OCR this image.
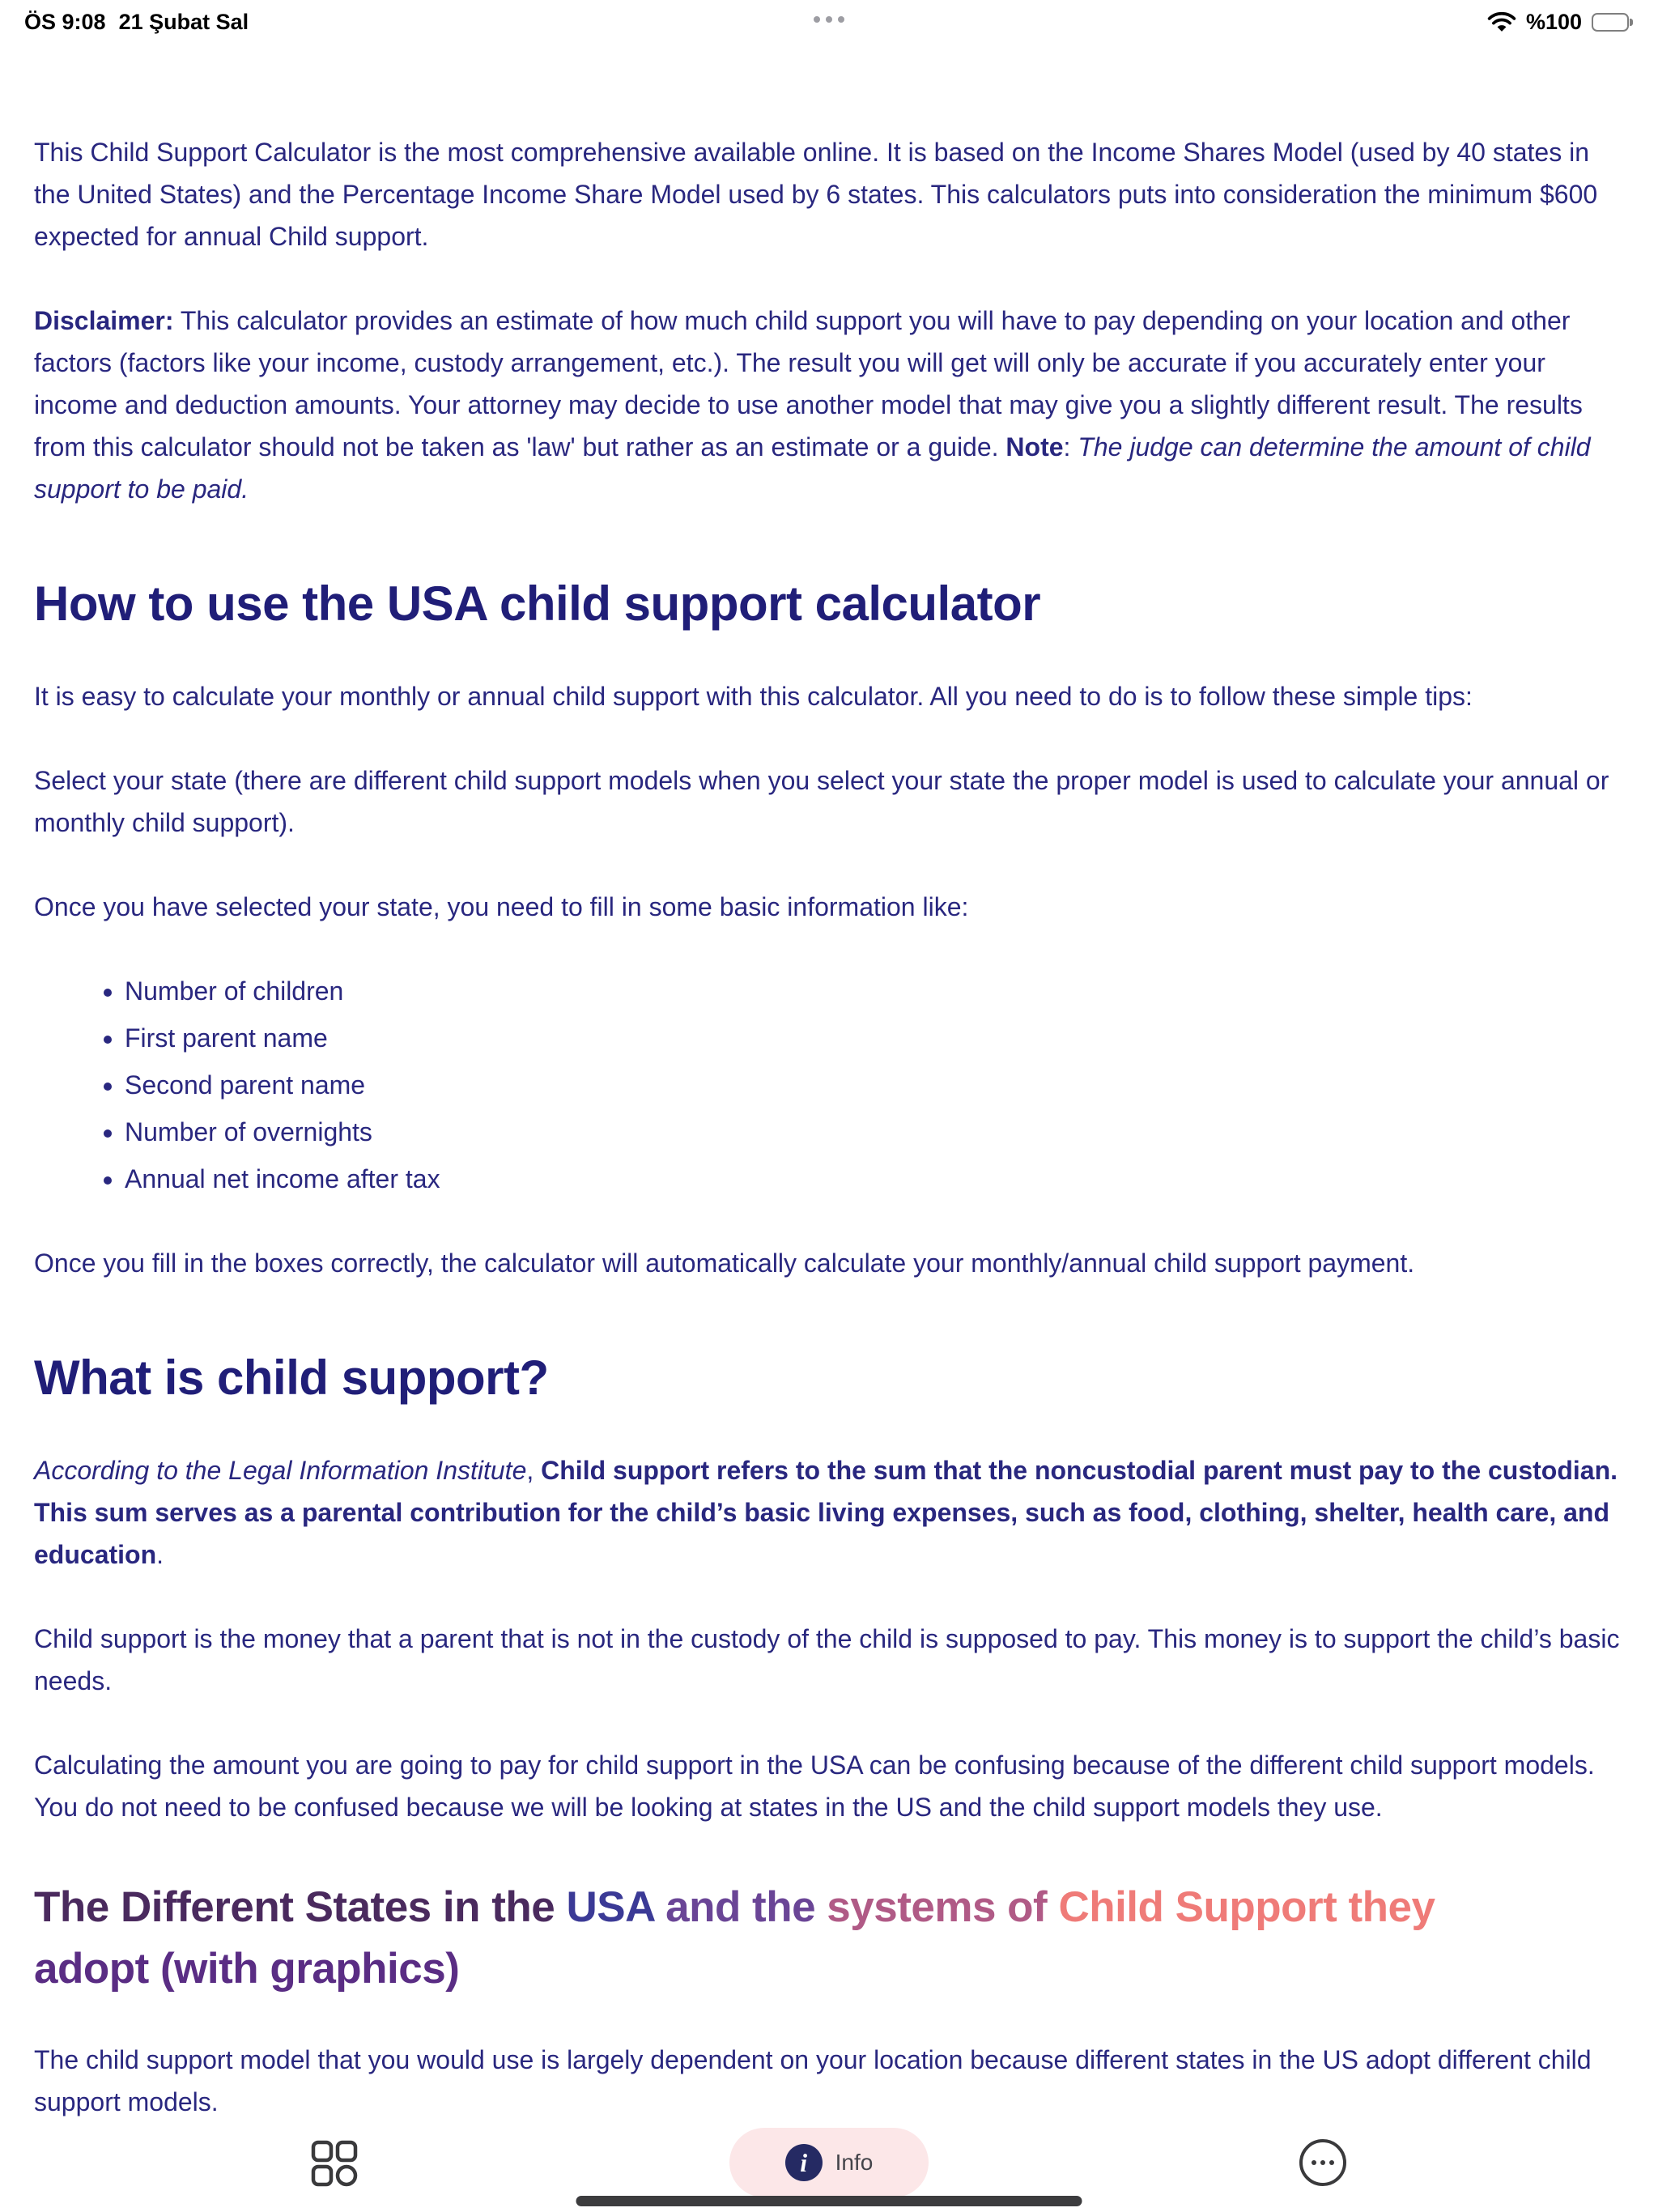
ÖS 9:08 21 Şubat Sal	%100

This Child Support Calculator is the most comprehensive available online. It is based on the Income Shares Model (used by 40 states in the United States) and the Percentage Income Share Model used by 6 states. This calculators puts into consideration the minimum $600 expected for annual Child support.

Disclaimer: This calculator provides an estimate of how much child support you will have to pay depending on your location and other factors (factors like your income, custody arrangement, etc.). The result you will get will only be accurate if you accurately enter your income and deduction amounts. Your attorney may decide to use another model that may give you a slightly different result. The results from this calculator should not be taken as 'law' but rather as an estimate or a guide. Note: The judge can determine the amount of child support to be paid.

How to use the USA child support calculator

It is easy to calculate your monthly or annual child support with this calculator. All you need to do is to follow these simple tips:

Select your state (there are different child support models when you select your state the proper model is used to calculate your annual or monthly child support).

Once you have selected your state, you need to fill in some basic information like:

• Number of children
• First parent name
• Second parent name
• Number of overnights
• Annual net income after tax

Once you fill in the boxes correctly, the calculator will automatically calculate your monthly/annual child support payment.

What is child support?

According to the Legal Information Institute, Child support refers to the sum that the noncustodial parent must pay to the custodian. This sum serves as a parental contribution for the child’s basic living expenses, such as food, clothing, shelter, health care, and education.

Child support is the money that a parent that is not in the custody of the child is supposed to pay. This money is to support the child’s basic needs.

Calculating the amount you are going to pay for child support in the USA can be confusing because of the different child support models. You do not need to be confused because we will be looking at states in the US and the child support models they use.

The Different States in the USA and the systems of Child Support they
adopt (with graphics)

The child support model that you would use is largely dependent on your location because different states in the US adopt different child support models.

i	Info
